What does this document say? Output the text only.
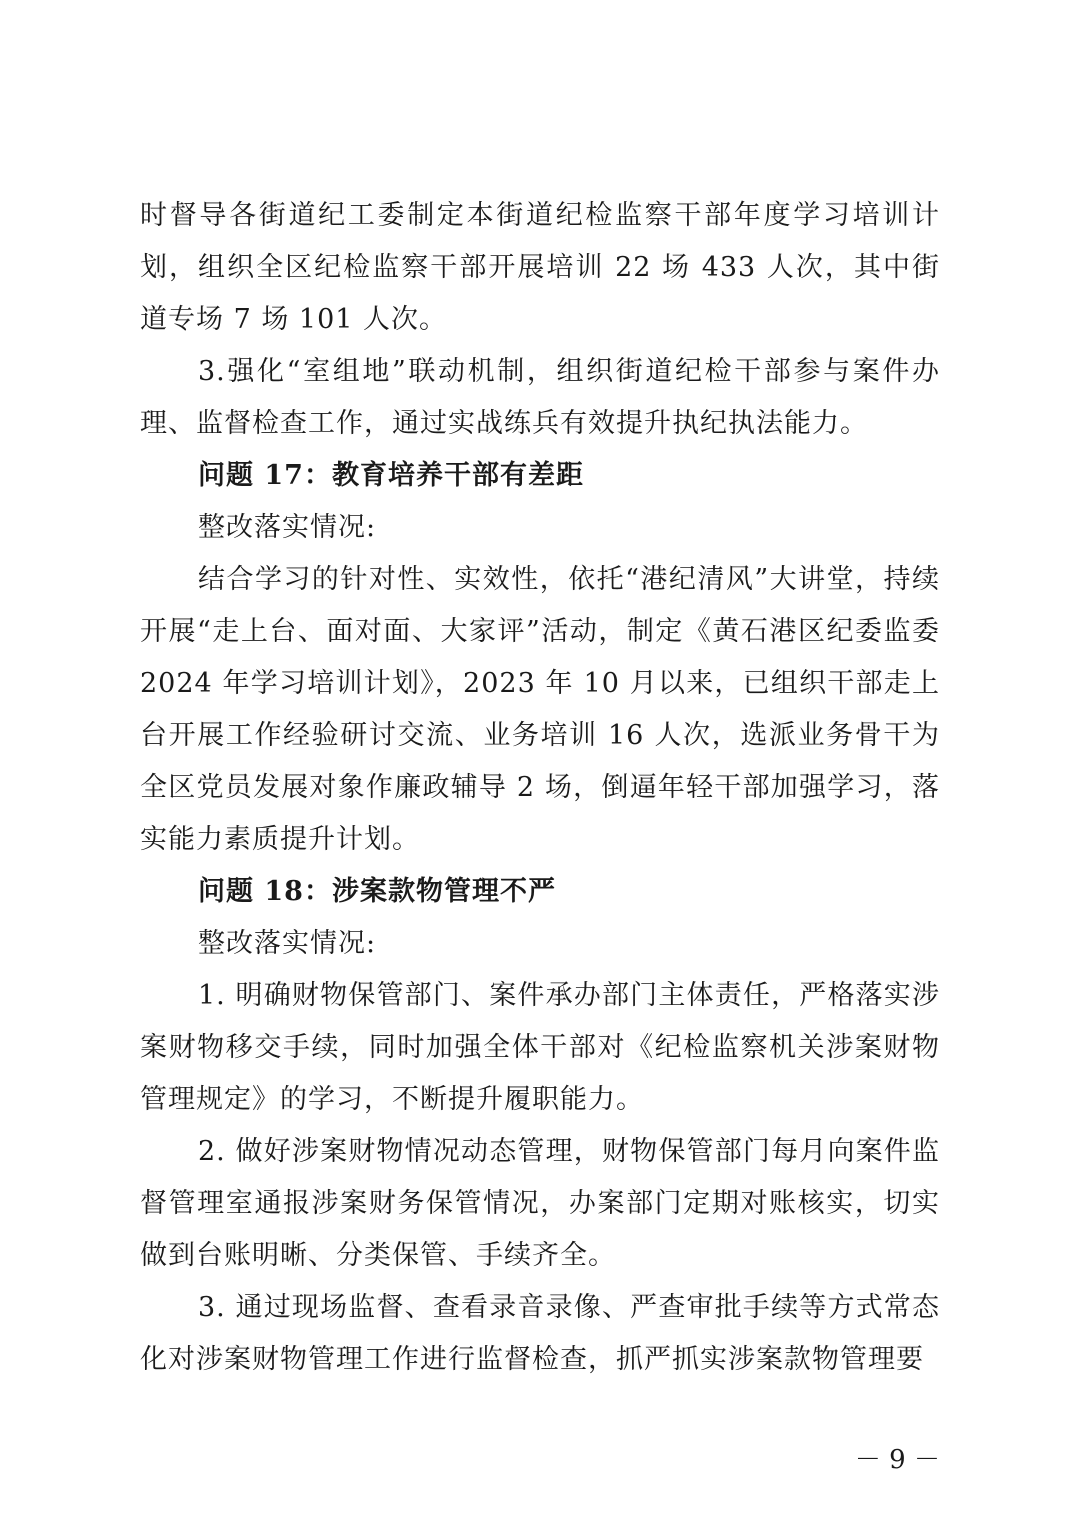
时督导各街道纪工委制定本街道纪检监察干部年度学习培训计划，组织全区纪检监察干部开展培训 22 场 433 人次，其中街道专场 7 场 101 人次。

3.强化“室组地”联动机制，组织街道纪检干部参与案件办理、监督检查工作，通过实战练兵有效提升执纪执法能力。

问题 17：教育培养干部有差距

整改落实情况:

结合学习的针对性、实效性，依托“港纪清风”大讲堂，持续开展“走上台、面对面、大家评”活动，制定《黄石港区纪委监委 2024 年学习培训计划》，2023 年 10 月以来，已组织干部走上台开展工作经验研讨交流、业务培训 16 人次，选派业务骨干为全区党员发展对象作廉政辅导 2 场，倒逼年轻干部加强学习，落实能力素质提升计划。

问题 18：涉案款物管理不严

整改落实情况:

1. 明确财物保管部门、案件承办部门主体责任，严格落实涉案财物移交手续，同时加强全体干部对《纪检监察机关涉案财物管理规定》的学习，不断提升履职能力。

2. 做好涉案财物情况动态管理，财物保管部门每月向案件监督管理室通报涉案财务保管情况，办案部门定期对账核实，切实做到台账明晰、分类保管、手续齐全。

3. 通过现场监督、查看录音录像、严查审批手续等方式常态化对涉案财物管理工作进行监督检查，抓严抓实涉案款物管理要

－ 9 －
